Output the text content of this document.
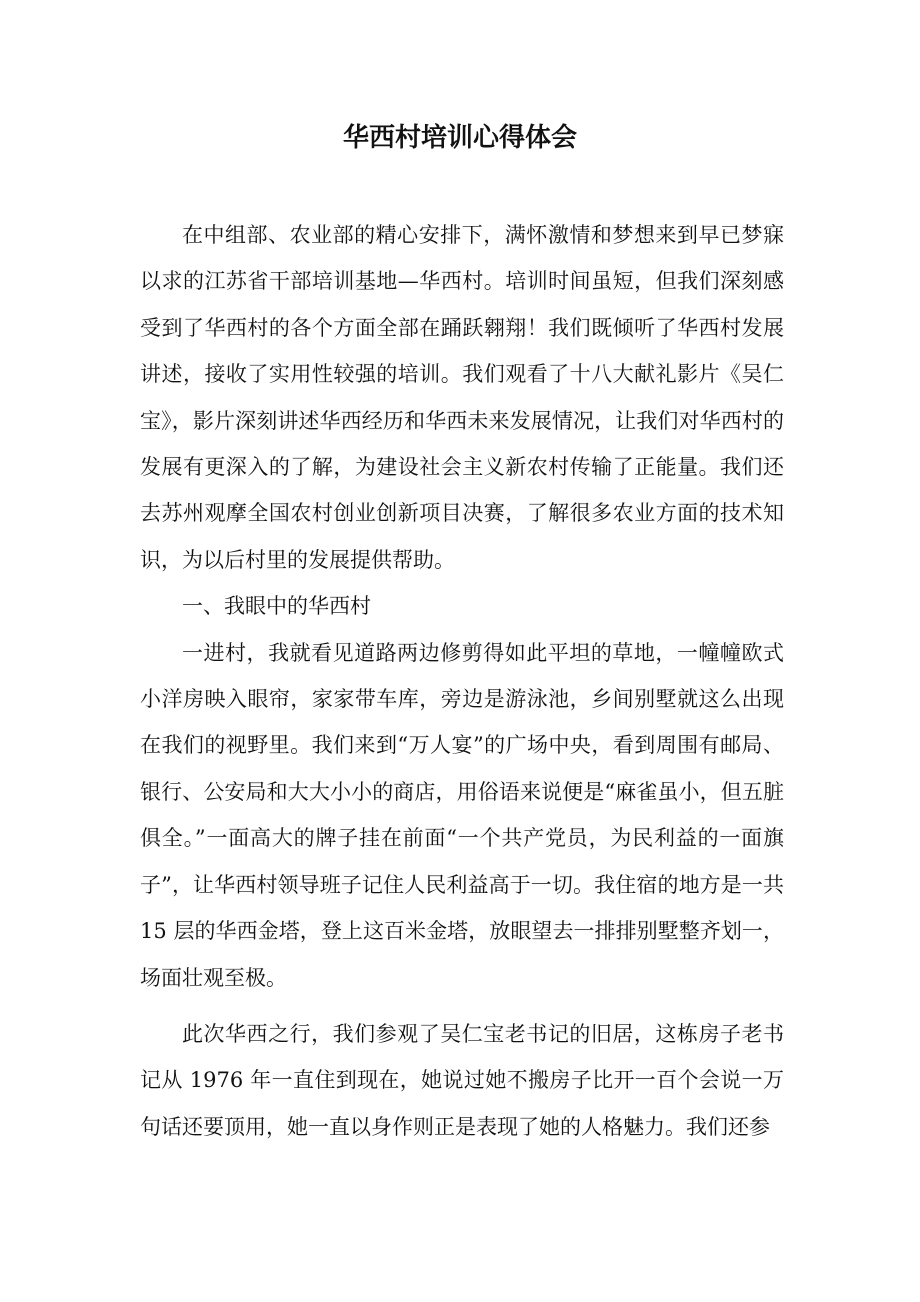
华西村培训心得体会

在中组部、农业部的精心安排下，满怀激情和梦想来到早已梦寐以求的江苏省干部培训基地—华西村。培训时间虽短，但我们深刻感受到了华西村的各个方面全部在踊跃翱翔！我们既倾听了华西村发展讲述，接收了实用性较强的培训。我们观看了十八大献礼影片《吴仁宝》，影片深刻讲述华西经历和华西未来发展情况，让我们对华西村的发展有更深入的了解，为建设社会主义新农村传输了正能量。我们还去苏州观摩全国农村创业创新项目决赛，了解很多农业方面的技术知识，为以后村里的发展提供帮助。

一、我眼中的华西村

一进村，我就看见道路两边修剪得如此平坦的草地，一幢幢欧式小洋房映入眼帘，家家带车库，旁边是游泳池，乡间别墅就这么出现在我们的视野里。我们来到“万人宴”的广场中央，看到周围有邮局、银行、公安局和大大小小的商店，用俗语来说便是“麻雀虽小，但五脏俱全。”一面高大的牌子挂在前面“一个共产党员，为民利益的一面旗子”，让华西村领导班子记住人民利益高于一切。我住宿的地方是一共 15 层的华西金塔，登上这百米金塔，放眼望去一排排别墅整齐划一，场面壮观至极。

此次华西之行，我们参观了吴仁宝老书记的旧居，这栋房子老书记从 1976 年一直住到现在，她说过她不搬房子比开一百个会说一万句话还要顶用，她一直以身作则正是表现了她的人格魅力。我们还参
